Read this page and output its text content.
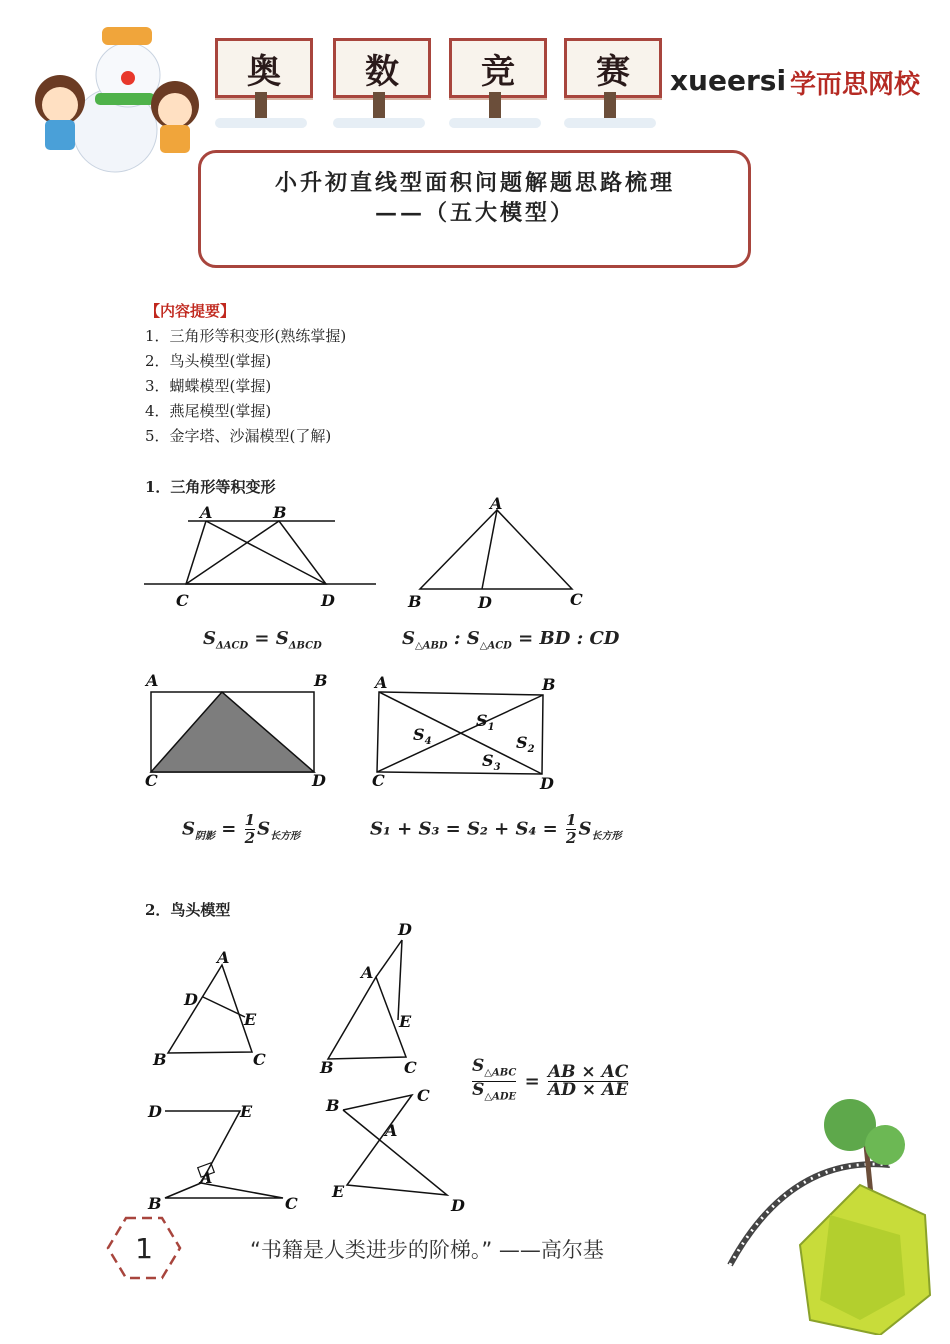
奥	数	竞	赛	xueersi 学而思网校
小升初直线型面积问题解题思路梳理
——（五大模型）
【内容提要】
1．三角形等积变形(熟练掌握)
2．鸟头模型(掌握)
3．蝴蝶模型(掌握)
4．燕尾模型(掌握)
5．金字塔、沙漏模型(了解)
1．三角形等积变形
A	B
C	D
A
B	D	C
$S_{\Delta ACD} = S_{\Delta BCD}$	$S_{\triangle ABD}$ : $S_{\triangle ACD}$ = BD : CD
A	B
C	D
A	B
C	D
$S_1$
$S_2$
$S_3$
$S_4$
$S_{阴影} = \frac{1}{2} S_{长方形}$	$S_1 + S_3 = S_2 + S_4 = \frac{1}{2} S_{长方形}$
2．鸟头模型
A
D
E
B	C
D
A
E
B	C
D	E
A
B	C
B
C
A
E
D
$\frac{S_{\triangle ABC}}{S_{\triangle ADE}} = \frac{AB \times AC}{AD \times AE}$
1	“书籍是人类进步的阶梯。” ——高尔基
